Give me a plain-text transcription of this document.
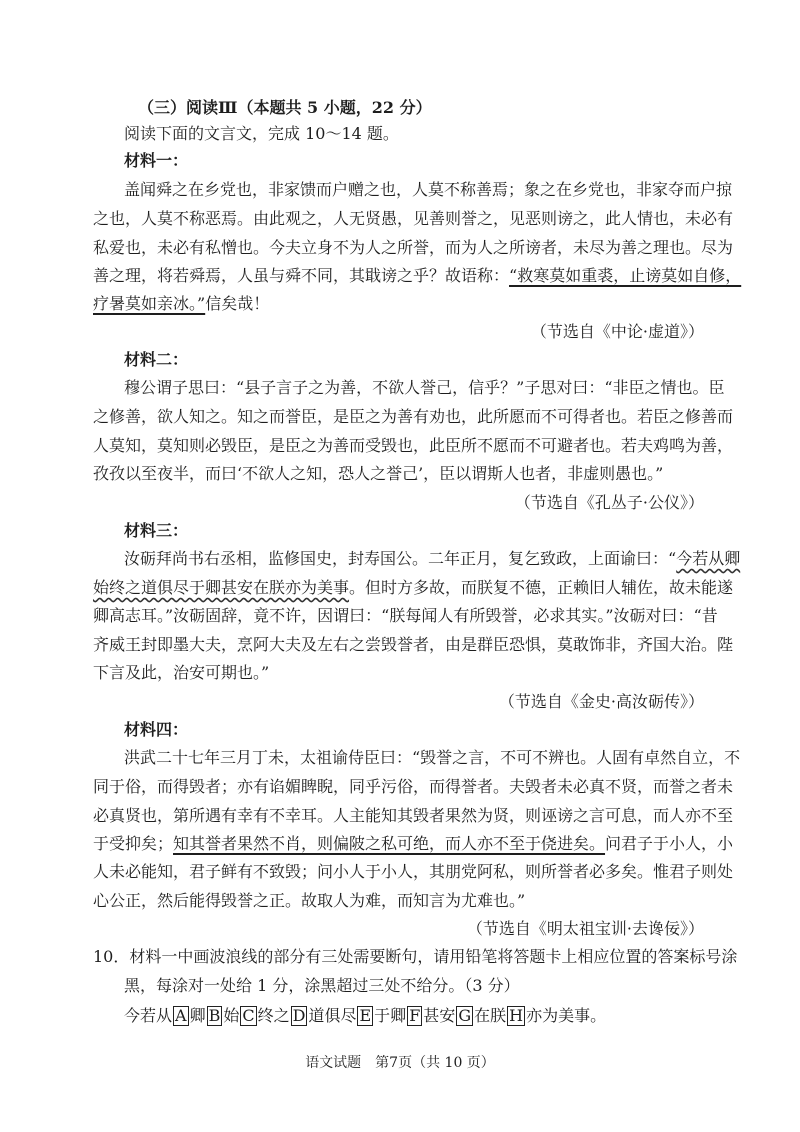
（三）阅读Ⅲ（本题共 5 小题，22 分）
阅读下面的文言文，完成 10～14 题。
材料一：
盖闻舜之在乡党也，非家馈而户赠之也，人莫不称善焉；象之在乡党也，非家夺而户掠
之也，人莫不称恶焉。由此观之，人无贤愚，见善则誉之，见恶则谤之，此人情也，未必有
私爱也，未必有私憎也。今夫立身不为人之所誉，而为人之所谤者，未尽为善之理也。尽为
善之理，将若舜焉，人虽与舜不同，其戢谤之乎？故语称：“救寒莫如重裘，止谤莫如自修，
疗暑莫如亲冰。”信矣哉！
（节选自《中论·虚道》）
材料二：
穆公谓子思曰：“县子言子之为善，不欲人誉己，信乎？”子思对曰：“非臣之情也。臣
之修善，欲人知之。知之而誉臣，是臣之为善有劝也，此所愿而不可得者也。若臣之修善而
人莫知，莫知则必毁臣，是臣之为善而受毁也，此臣所不愿而不可避者也。若夫鸡鸣为善，
孜孜以至夜半，而曰‘不欲人之知，恐人之誉己’，臣以谓斯人也者，非虚则愚也。”
（节选自《孔丛子·公仪》）
材料三：
汝砺拜尚书右丞相，监修国史，封寿国公。二年正月，复乞致政，上面谕曰：“今若从卿
始终之道俱尽于卿甚安在朕亦为美事。但时方多故，而朕复不德，正赖旧人辅佐，故未能遂
卿高志耳。”汝砺固辞，竟不许，因谓曰：“朕每闻人有所毁誉，必求其实。”汝砺对曰：“昔
齐威王封即墨大夫，烹阿大夫及左右之尝毁誉者，由是群臣恐惧，莫敢饰非，齐国大治。陛
下言及此，治安可期也。”
（节选自《金史·高汝砺传》）
材料四：
洪武二十七年三月丁未，太祖谕侍臣曰：“毁誉之言，不可不辨也。人固有卓然自立，不
同于俗，而得毁者；亦有谄媚睥睨，同乎污俗，而得誉者。夫毁者未必真不贤，而誉之者未
必真贤也，第所遇有幸有不幸耳。人主能知其毁者果然为贤，则诬谤之言可息，而人亦不至
于受抑矣；知其誉者果然不肖，则偏陂之私可绝，而人亦不至于侥进矣。问君子于小人，小
人未必能知，君子鲜有不致毁；问小人于小人，其朋党阿私，则所誉者必多矣。惟君子则处
心公正，然后能得毁誉之正。故取人为难，而知言为尤难也。”
（节选自《明太祖宝训·去谗佞》）
10．材料一中画波浪线的部分有三处需要断句，请用铅笔将答题卡上相应位置的答案标号涂
黑，每涂对一处给 1 分，涂黑超过三处不给分。（3 分）
今若从 A 卿 B 始 C 终之 D 道俱尽 E 于卿 F 甚安 G 在朕 H 亦为美事。
语文试题　第7页（共 10 页）
